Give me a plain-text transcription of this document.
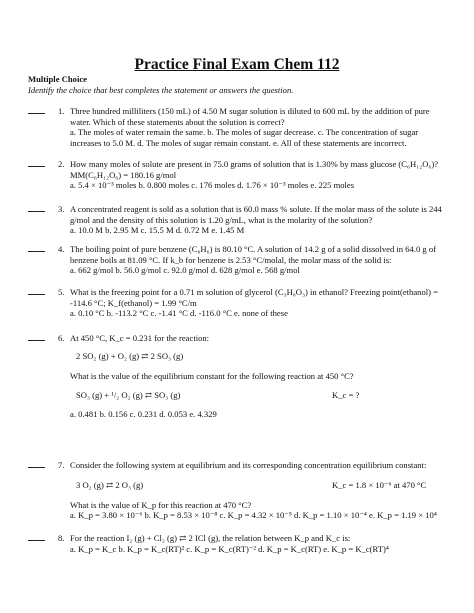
Practice Final Exam Chem 112
Multiple Choice
Identify the choice that best completes the statement or answers the question.
1. Three hundred milliliters (150 mL) of 4.50 M sugar solution is diluted to 600 mL by the addition of pure
water. Which of these statements about the solution is correct?
a. The moles of water remain the same. b. The moles of sugar decrease. c. The concentration of sugar
increases to 5.0 M. d. The moles of sugar remain constant. e. All of these statements are incorrect.
2. How many moles of solute are present in 75.0 grams of solution that is 1.30% by mass glucose (C₆H₁₂O₆)?
MM(C₆H₁₂O₆) = 180.16 g/mol
a. 5.4 × 10⁻³ moles b. 0.800 moles c. 176 moles d. 1.76 × 10⁻³ moles e. 225 moles
3. A concentrated reagent is sold as a solution that is 60.0 mass % solute. If the molar mass of the solute is 244
g/mol and the density of this solution is 1.20 g/mL, what is the molarity of the solution?
a. 10.0 M b. 2.95 M c. 15.5 M d. 0.72 M e. 1.45 M
4. The boiling point of pure benzene (C₆H₆) is 80.10 °C. A solution of 14.2 g of a solid dissolved in 64.0 g of
benzene boils at 81.09 °C. If k_b for benzene is 2.53 °C/molal, the molar mass of the solid is:
a. 662 g/mol b. 56.0 g/mol c. 92.0 g/mol d. 628 g/mol e. 568 g/mol
5. What is the freezing point for a 0.71 m solution of glycerol (C₃H₈O₃) in ethanol? Freezing point(ethanol) =
-114.6 °C; K_f(ethanol) = 1.99 °C/m
a. 0.10 °C b. -113.2 °C c. -1.41 °C d. -116.0 °C e. none of these
6. At 450 °C, K_c = 0.231 for the reaction:
2 SO₂ (g) + O₂ (g) ⇄ 2 SO₃ (g)
What is the value of the equilibrium constant for the following reaction at 450 °C?
SO₃ (g) + ¹/₂ O₂ (g) ⇄ SO₃ (g)	K_c = ?
a. 0.481 b. 0.156 c. 0.231 d. 0.053 e. 4.329
7. Consider the following system at equilibrium and its corresponding concentration equilibrium constant:
3 O₂ (g) ⇄ 2 O₃ (g)	K_c = 1.8 × 10⁻⁶ at 470 °C
What is the value of K_p for this reaction at 470 °C?
a. K_p = 3.80 × 10⁻⁶ b. K_p = 8.53 × 10⁻⁸ c. K_p = 4.32 × 10⁻⁵ d. K_p = 1.10 × 10⁻⁴ e. K_p = 1.19 × 10⁴
8. For the reaction I₂ (g) + Cl₂ (g) ⇄ 2 ICl (g), the relation between K_p and K_c is:
a. K_p = K_c b. K_p = K_c(RT)² c. K_p = K_c(RT)⁻² d. K_p = K_c(RT) e. K_p = K_c(RT)⁴
